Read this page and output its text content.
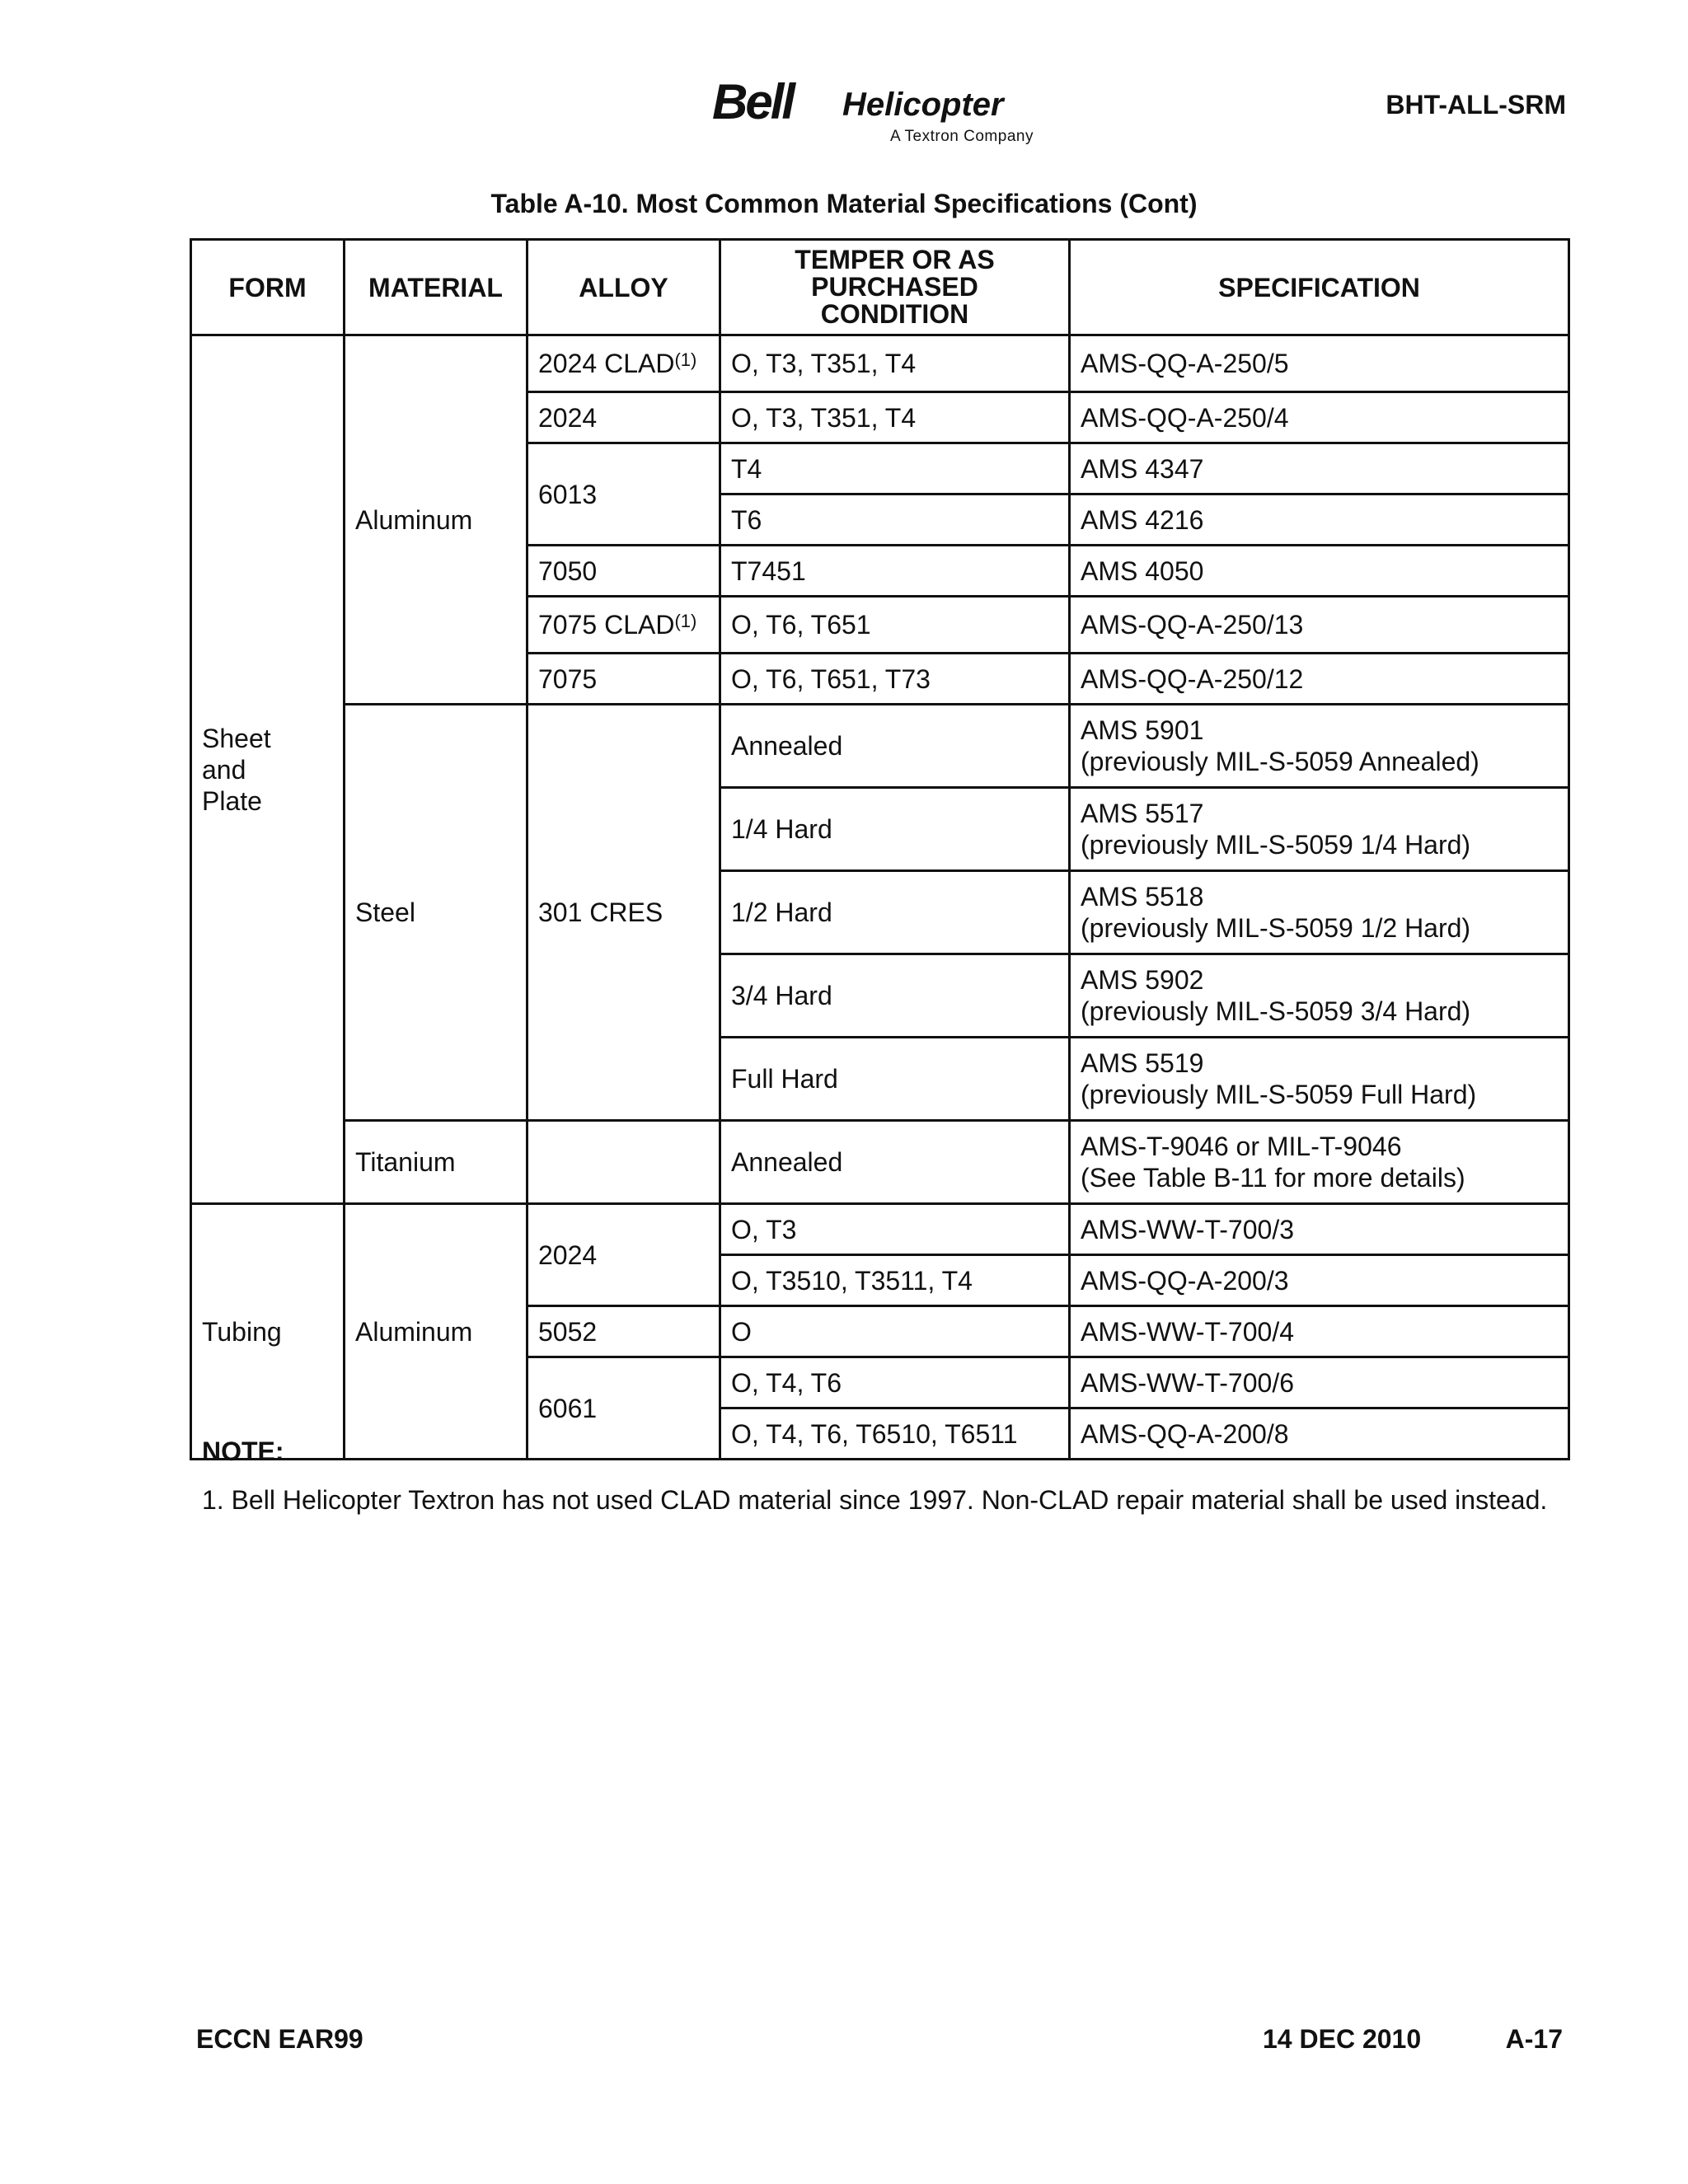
Bell Helicopter
A Textron Company
BHT-ALL-SRM
Table A-10. Most Common Material Specifications (Cont)
FORM	MATERIAL	ALLOY	TEMPER OR AS
PURCHASED
CONDITION	SPECIFICATION
Sheet
and
Plate	Aluminum	2024 CLAD$^{(1)}$	O, T3, T351, T4	AMS-QQ-A-250/5
		2024	O, T3, T351, T4	AMS-QQ-A-250/4
		6013	T4	AMS 4347
			T6	AMS 4216
		7050	T7451	AMS 4050
		7075 CLAD$^{(1)}$	O, T6, T651	AMS-QQ-A-250/13
		7075	O, T6, T651, T73	AMS-QQ-A-250/12
	Steel	301 CRES	Annealed	AMS 5901
(previously MIL-S-5059 Annealed)
			1/4 Hard	AMS 5517
(previously MIL-S-5059 1/4 Hard)
			1/2 Hard	AMS 5518
(previously MIL-S-5059 1/2 Hard)
			3/4 Hard	AMS 5902
(previously MIL-S-5059 3/4 Hard)
			Full Hard	AMS 5519
(previously MIL-S-5059 Full Hard)
	Titanium		Annealed	AMS-T-9046 or MIL-T-9046
(See Table B-11 for more details)
Tubing	Aluminum	2024	O, T3	AMS-WW-T-700/3
			O, T3510, T3511, T4	AMS-QQ-A-200/3
		5052	O	AMS-WW-T-700/4
		6061	O, T4, T6	AMS-WW-T-700/6
			O, T4, T6, T6510, T6511	AMS-QQ-A-200/8
NOTE:
1. Bell Helicopter Textron has not used CLAD material since 1997. Non-CLAD repair material shall be used instead.
ECCN EAR99	14 DEC 2010	A-17
